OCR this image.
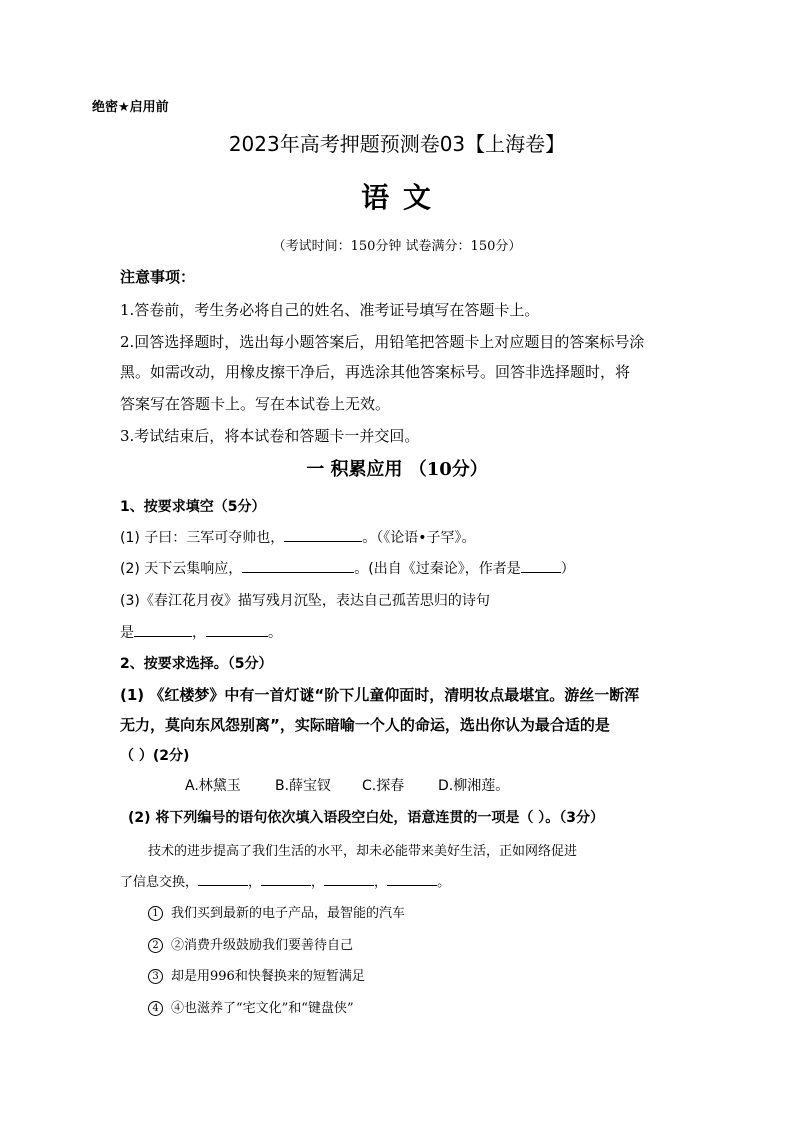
绝密★启用前
2023年高考押题预测卷03【上海卷】
语 文
（考试时间：150分钟 试卷满分：150分）
注意事项：
1.答卷前，考生务必将自己的姓名、准考证号填写在答题卡上。
2.回答选择题时，选出每小题答案后，用铅笔把答题卡上对应题目的答案标号涂
黑。如需改动，用橡皮擦干净后，再选涂其他答案标号。回答非选择题时，将
答案写在答题卡上。写在本试卷上无效。
3.考试结束后，将本试卷和答题卡一并交回。
一 积累应用 （10分）
1、按要求填空（5分）
(1) 子曰：三军可夺帅也，	。（《论语•子罕》。
(2) 天下云集响应，	。(出自《过秦论》，作者是	）
(3)《春江花月夜》描写残月沉坠，表达自己孤苦思归的诗句
是	，	。
2、按要求选择。（5分）
(1) 《红楼梦》中有一首灯谜“阶下儿童仰面时，清明妆点最堪宜。游丝一断浑
无力，莫向东风怨别离”，实际暗喻一个人的命运，选出你认为最合适的是
（ ）(2分)
A.林黛玉 B.薛宝钗 C.探春 D.柳湘莲。
(2) 将下列编号的语句依次填入语段空白处，语意连贯的一项是（ ）。（3分）
技术的进步提高了我们生活的水平，却未必能带来美好生活，正如网络促进
了信息交换，	，	，	，	。
1 我们买到最新的电子产品，最智能的汽车
2 ②消费升级鼓励我们要善待自己
3 却是用996和快餐换来的短暂满足
4 ④也滋养了“宅文化”和“键盘侠”
